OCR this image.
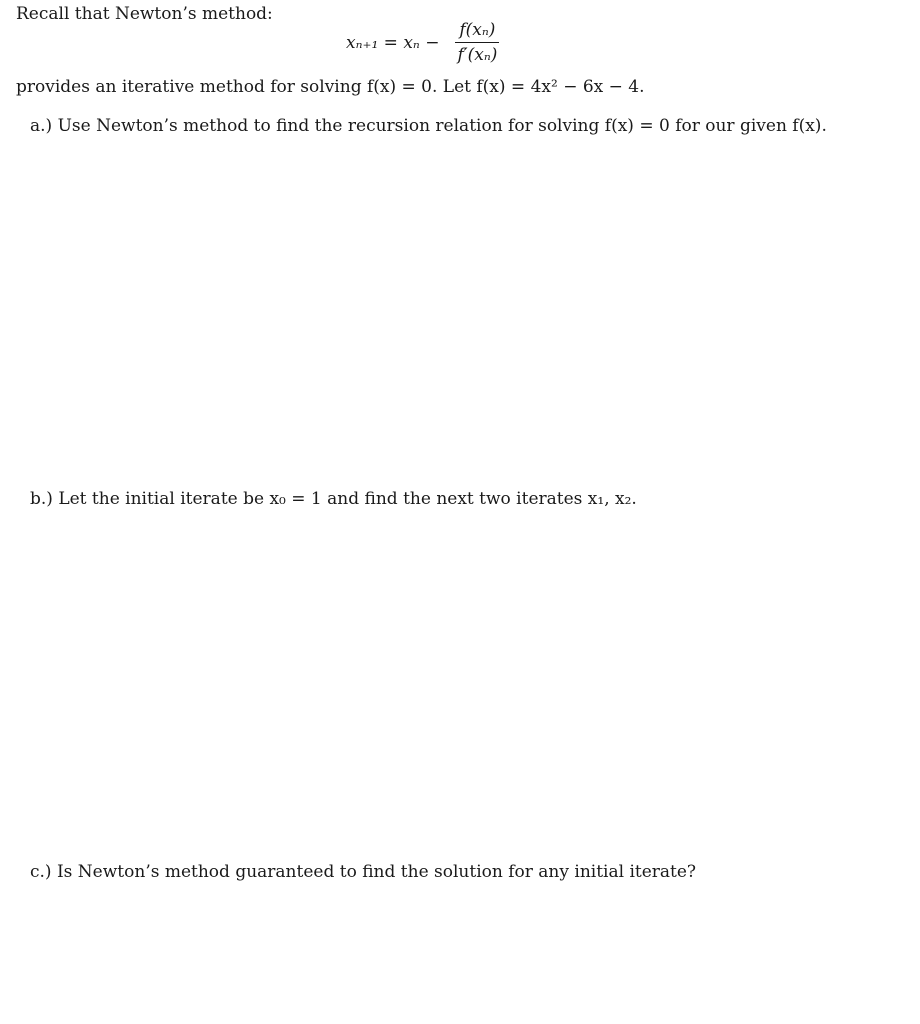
Recall that Newton’s method:
$x_{n+1} = x_n - \frac{\text{f(xₙ)}}{\text{f′(xₙ)}}$
provides an iterative method for solving f(x) = 0. Let f(x) = 4x² − 6x − 4.
a.) Use Newton’s method to find the recursion relation for solving f(x) = 0 for our given f(x).
b.) Let the initial iterate be x₀ = 1 and find the next two iterates x₁, x₂.
c.) Is Newton’s method guaranteed to find the solution for any initial iterate?
